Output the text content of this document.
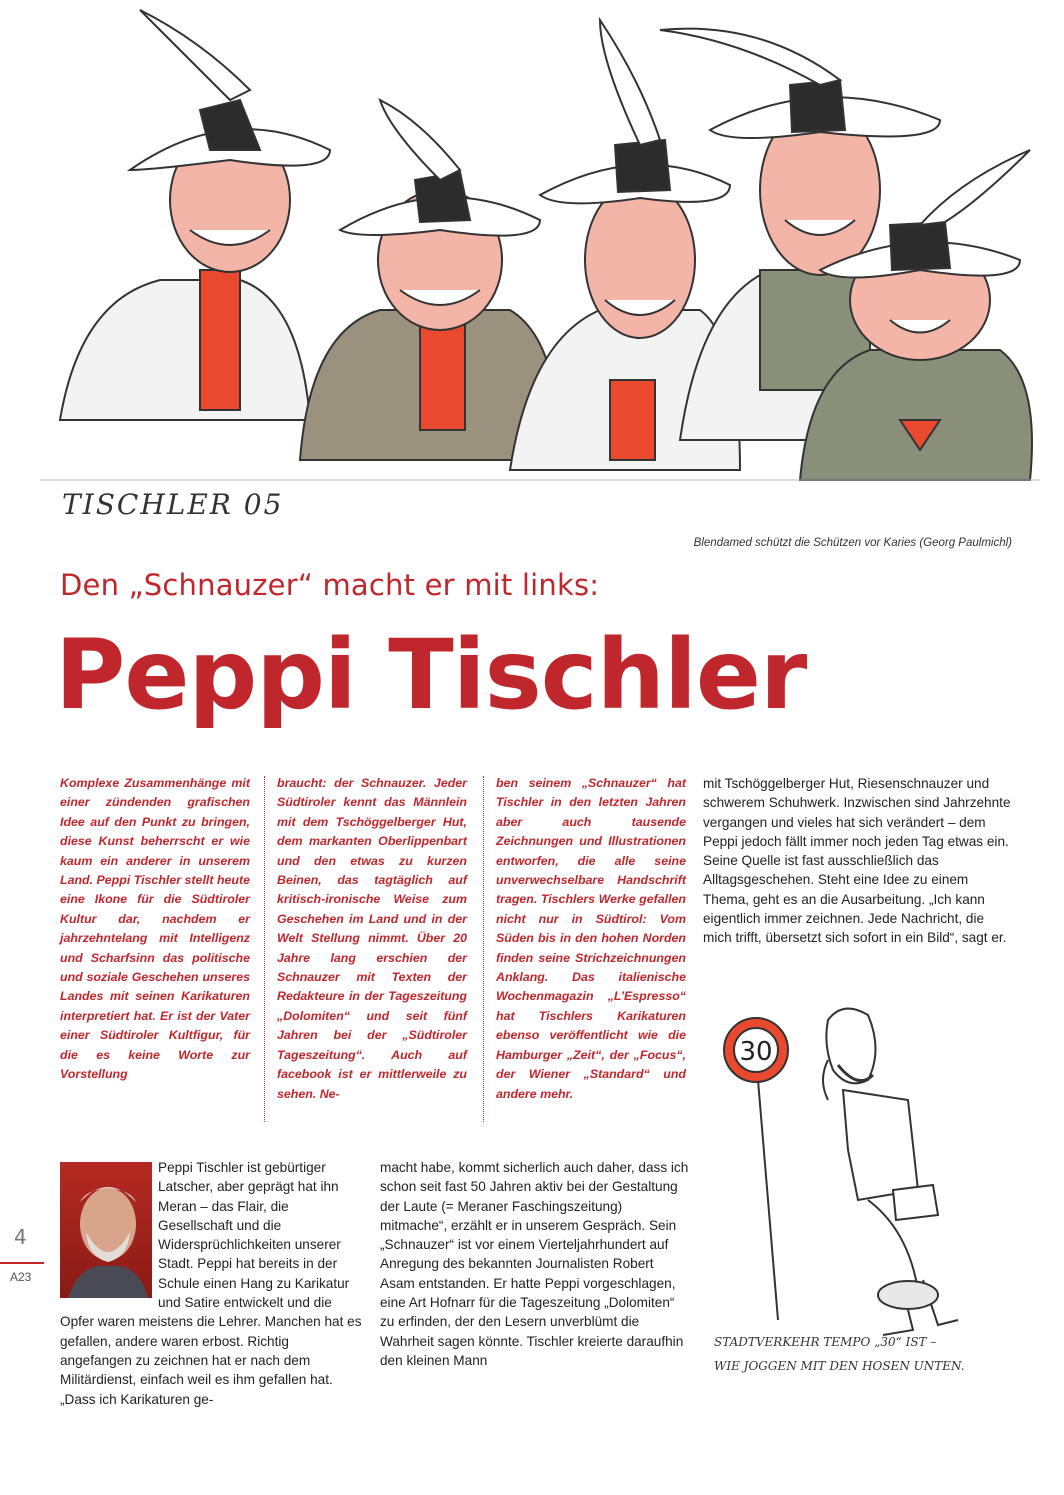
TISCHLER 05
Blendamed schützt die Schützen vor Karies (Georg Paulmichl)
Den „Schnauzer“ macht er mit links:
Peppi Tischler

Komplexe Zusammenhänge mit einer zündenden grafischen Idee auf den Punkt zu bringen, diese Kunst beherrscht er wie kaum ein anderer in unserem Land. Peppi Tischler stellt heute eine Ikone für die Südtiroler Kultur dar, nachdem er jahrzehntelang mit Intelligenz und Scharfsinn das politische und soziale Geschehen unseres Landes mit seinen Karikaturen interpretiert hat. Er ist der Vater einer Südtiroler Kultfigur, für die es keine Worte zur Vorstellung

braucht: der Schnauzer. Jeder Südtiroler kennt das Männlein mit dem Tschöggelberger Hut, dem markanten Oberlippenbart und den etwas zu kurzen Beinen, das tagtäglich auf kritisch-ironische Weise zum Geschehen im Land und in der Welt Stellung nimmt. Über 20 Jahre lang erschien der Schnauzer mit Texten der Redakteure in der Tageszeitung „Dolomiten“ und seit fünf Jahren bei der „Südtiroler Tageszeitung“. Auch auf facebook ist er mittlerweile zu sehen. Ne-

ben seinem „Schnauzer“ hat Tischler in den letzten Jahren aber auch tausende Zeichnungen und Illustrationen entworfen, die alle seine unverwechselbare Handschrift tragen. Tischlers Werke gefallen nicht nur in Südtirol: Vom Süden bis in den hohen Norden finden seine Strichzeichnungen Anklang. Das italienische Wochenmagazin „L’Espresso“ hat Tischlers Karikaturen ebenso veröffentlicht wie die Hamburger „Zeit“, der „Focus“, der Wiener „Standard“ und andere mehr.

mit Tschöggelberger Hut, Riesenschnauzer und schwerem Schuhwerk. Inzwischen sind Jahrzehnte vergangen und vieles hat sich verändert – dem Peppi jedoch fällt immer noch jeden Tag etwas ein. Seine Quelle ist fast ausschließlich das Alltagsgeschehen. Steht eine Idee zu einem Thema, geht es an die Ausarbeitung. „Ich kann eigentlich immer zeichnen. Jede Nachricht, die mich trifft, übersetzt sich sofort in ein Bild“, sagt er.

Peppi Tischler ist gebürtiger Latscher, aber geprägt hat ihn Meran – das Flair, die Gesellschaft und die Widersprüchlichkeiten unserer Stadt. Peppi hat bereits in der Schule einen Hang zu Karikatur und Satire entwickelt und die Opfer waren meistens die Lehrer. Manchen hat es gefallen, andere waren erbost. Richtig angefangen zu zeichnen hat er nach dem Militärdienst, einfach weil es ihm gefallen hat. „Dass ich Karikaturen ge-

macht habe, kommt sicherlich auch daher, dass ich schon seit fast 50 Jahren aktiv bei der Gestaltung der Laute (= Meraner Faschingszeitung) mitmache“, erzählt er in unserem Gespräch. Sein „Schnauzer“ ist vor einem Vierteljahrhundert auf Anregung des bekannten Journalisten Robert Asam entstanden. Er hatte Peppi vorgeschlagen, eine Art Hofnarr für die Tageszeitung „Dolomiten“ zu erfinden, der den Lesern unverblümt die Wahrheit sagen könnte. Tischler kreierte daraufhin den kleinen Mann

4
A23
30
STADTVERKEHR TEMPO „30“ IST –
WIE JOGGEN MIT DEN HOSEN UNTEN.
